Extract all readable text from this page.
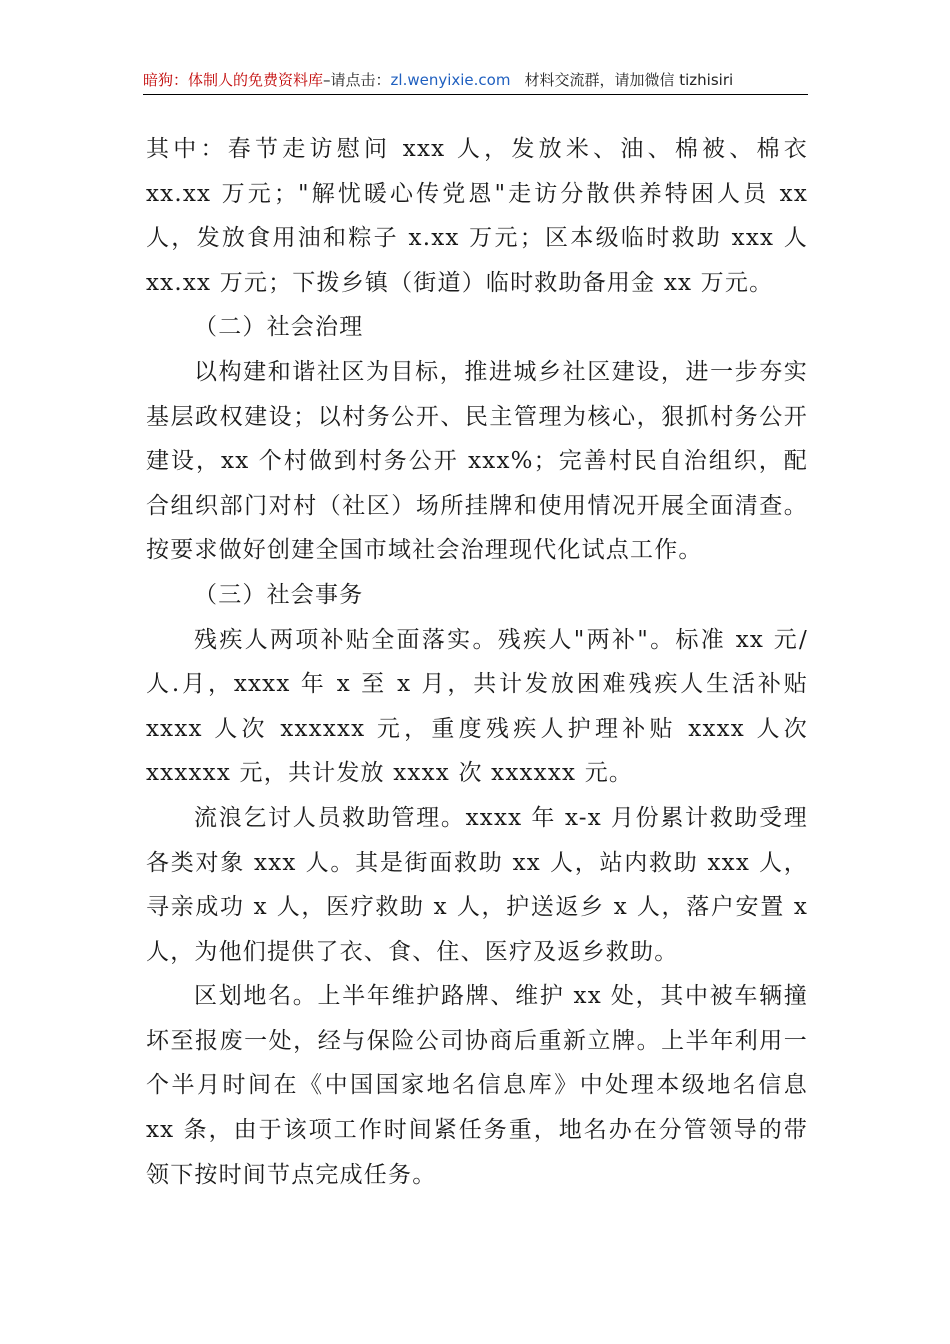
暗狗：体制人的免费资料库–请点击：zl.wenyixie.com 材料交流群，请加微信 tizhisiri

其中：春节走访慰问 xxx 人，发放米、油、棉被、棉衣 xx.xx 万元；"解忧暖心传党恩"走访分散供养特困人员 xx 人，发放食用油和粽子 x.xx 万元；区本级临时救助 xxx 人 xx.xx 万元；下拨乡镇（街道）临时救助备用金 xx 万元。

（二）社会治理

以构建和谐社区为目标，推进城乡社区建设，进一步夯实基层政权建设；以村务公开、民主管理为核心，狠抓村务公开建设，xx 个村做到村务公开 xxx%；完善村民自治组织，配合组织部门对村（社区）场所挂牌和使用情况开展全面清查。按要求做好创建全国市域社会治理现代化试点工作。

（三）社会事务

残疾人两项补贴全面落实。残疾人"两补"。标准 xx 元/人.月，xxxx 年 x 至 x 月，共计发放困难残疾人生活补贴 xxxx 人次 xxxxxx 元，重度残疾人护理补贴 xxxx 人次 xxxxxx 元，共计发放 xxxx 次 xxxxxx 元。

流浪乞讨人员救助管理。xxxx 年 x-x 月份累计救助受理各类对象 xxx 人。其是街面救助 xx 人，站内救助 xxx 人，寻亲成功 x 人，医疗救助 x 人，护送返乡 x 人，落户安置 x 人，为他们提供了衣、食、住、医疗及返乡救助。

区划地名。上半年维护路牌、维护 xx 处，其中被车辆撞坏至报废一处，经与保险公司协商后重新立牌。上半年利用一个半月时间在《中国国家地名信息库》中处理本级地名信息 xx 条，由于该项工作时间紧任务重，地名办在分管领导的带领下按时间节点完成任务。
